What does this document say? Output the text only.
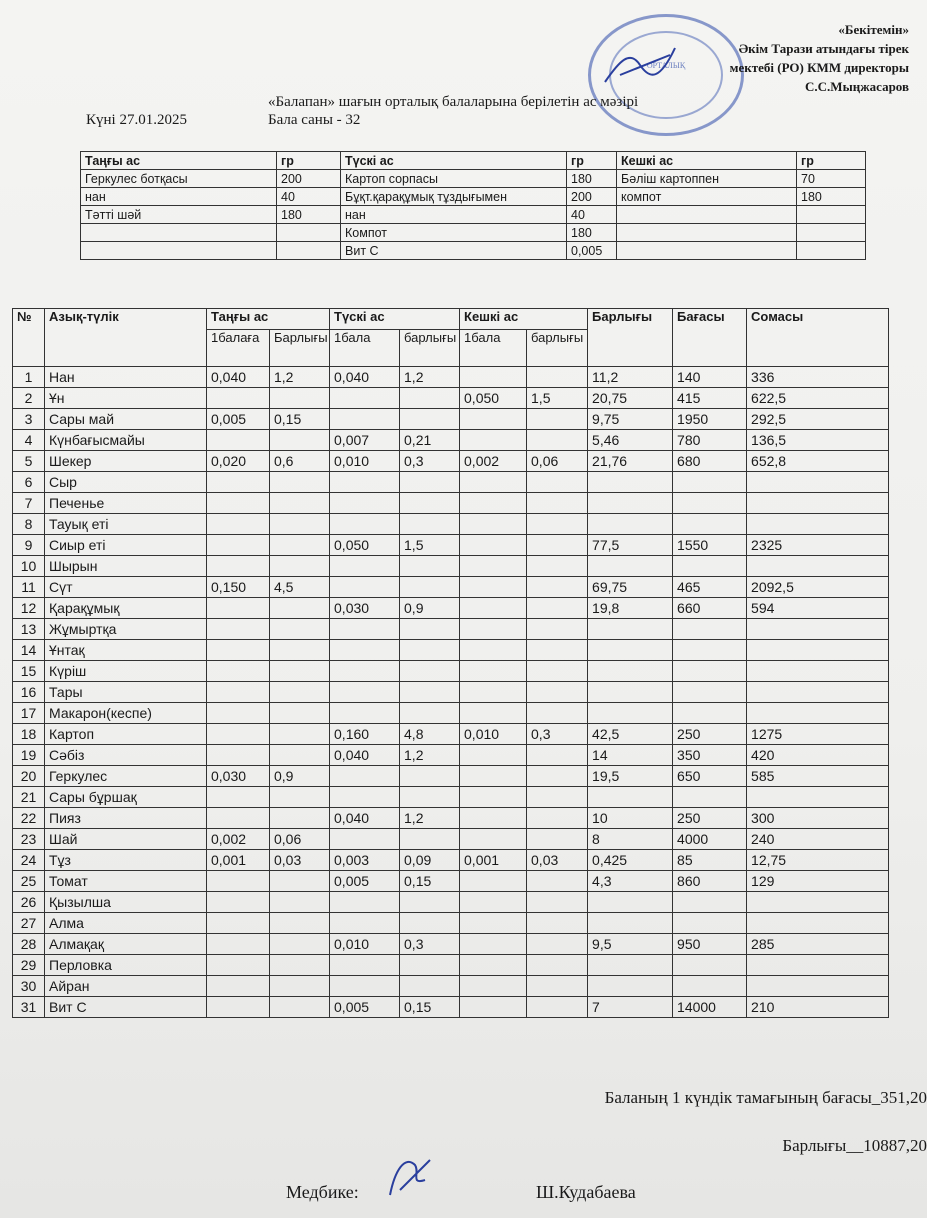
ОРТАЛЫҚ
«Бекітемін»
Әкім Тарази атындағы тірек
мектебі (РО) КММ директоры
С.С.Мыңжасаров
«Балапан» шағын орталық балаларына берілетін ас мәзірі
Күні 27.01.2025	Бала саны - 32
Таңғы ас	гр	Түскі ас	гр	Кешкі ас	гр
Геркулес ботқасы	200	Картоп сорпасы	180	Бәліш картоппен	70
нан	40	Бұқт.қарақұмық тұздығымен	200	компот	180
Тәтті шәй	180	нан	40		
		Компот	180		
		Вит С	0,005		
№	Азық-түлік	Таңғы ас		Түскі ас		Кешкі ас		Барлығы	Бағасы	Сомасы
		1балаға	Барлығы	1бала	барлығы	1бала	барлығы			
1	Нан	0,040	1,2	0,040	1,2			11,2	140	336
2	Ұн					0,050	1,5	20,75	415	622,5
3	Сары май	0,005	0,15					9,75	1950	292,5
4	Күнбағысмайы			0,007	0,21			5,46	780	136,5
5	Шекер	0,020	0,6	0,010	0,3	0,002	0,06	21,76	680	652,8
6	Сыр									
7	Печенье									
8	Тауық еті									
9	Сиыр еті			0,050	1,5			77,5	1550	2325
10	Шырын									
11	Сүт	0,150	4,5					69,75	465	2092,5
12	Қарақұмық			0,030	0,9			19,8	660	594
13	Жұмыртқа									
14	Ұнтақ									
15	Күріш									
16	Тары									
17	Макарон(кеспе)									
18	Картоп			0,160	4,8	0,010	0,3	42,5	250	1275
19	Сәбіз			0,040	1,2			14	350	420
20	Геркулес	0,030	0,9					19,5	650	585
21	Сары бұршақ									
22	Пияз			0,040	1,2			10	250	300
23	Шай	0,002	0,06					8	4000	240
24	Тұз	0,001	0,03	0,003	0,09	0,001	0,03	0,425	85	12,75
25	Томат			0,005	0,15			4,3	860	129
26	Қызылша									
27	Алма									
28	Алмақақ			0,010	0,3			9,5	950	285
29	Перловка									
30	Айран									
31	Вит С			0,005	0,15			7	14000	210
Баланың 1 күндік тамағының бағасы_351,20
Барлығы__10887,20
Медбике:	Ш.Кудабаева
